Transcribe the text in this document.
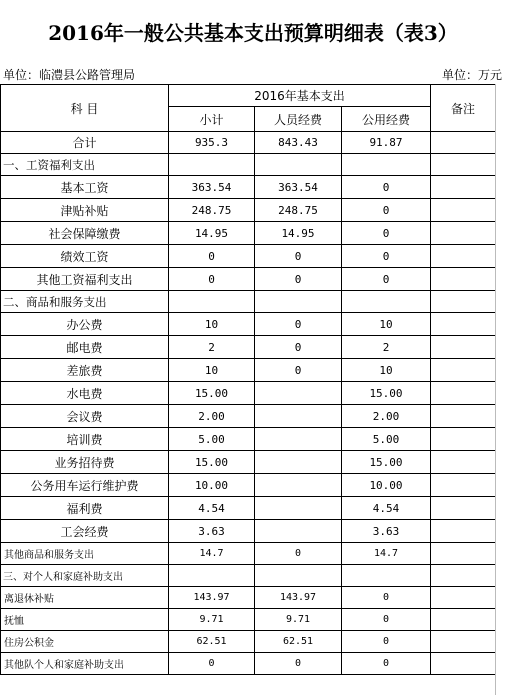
2016年一般公共基本支出预算明细表（表3）
单位：临澧县公路管理局	单位：万元
科 目	2016年基本支出			备注
	小计	人员经费	公用经费	
合计	935.3	843.43	91.87	
一、工资福利支出				
基本工资	363.54	363.54	0	
津贴补贴	248.75	248.75	0	
社会保障缴费	14.95	14.95	0	
绩效工资	0	0	0	
其他工资福利支出	0	0	0	
二、商品和服务支出				
办公费	10	0	10	
邮电费	2	0	2	
差旅费	10	0	10	
水电费	15.00		15.00	
会议费	2.00		2.00	
培训费	5.00		5.00	
业务招待费	15.00		15.00	
公务用车运行维护费	10.00		10.00	
福利费	4.54		4.54	
工会经费	3.63		3.63	
其他商品和服务支出	14.7	0	14.7	
三、对个人和家庭补助支出				
离退休补贴	143.97	143.97	0	
抚恤	9.71	9.71	0	
住房公积金	62.51	62.51	0	
其他队个人和家庭补助支出	0	0	0	
